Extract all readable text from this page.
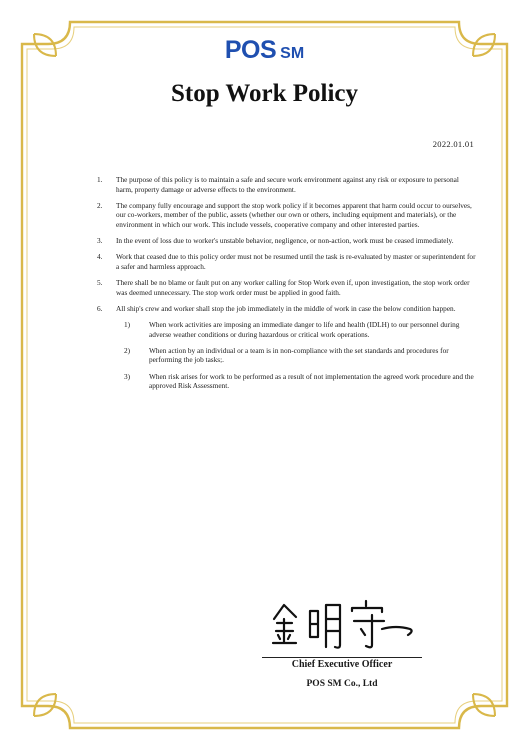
POS SM
Stop Work Policy
2022.01.01
1. The purpose of this policy is to maintain a safe and secure work environment against any risk or exposure to personal harm, property damage or adverse effects to the environment.
2. The company fully encourage and support the stop work policy if it becomes apparent that harm could occur to ourselves, our co-workers, member of the public, assets (whether our own or others, including equipment and materials), or the environment in which our work. This include vessels, cooperative company and other interested parties.
3. In the event of loss due to worker's unstable behavior, negligence, or non-action, work must be ceased immediately.
4. Work that ceased due to this policy order must not be resumed until the task is re-evaluated by master or superintendent for a safer and harmless approach.
5. There shall be no blame or fault put on any worker calling for Stop Work even if, upon investigation, the stop work order was deemed unnecessary. The stop work order must be applied in good faith.
6. All ship's crew and worker shall stop the job immediately in the middle of work in case the below condition happen.
1)	When work activities are imposing an immediate danger to life and health (IDLH) to our personnel during adverse weather conditions or during hazardous or critical work operations.
2)	When action by an individual or a team is in non-compliance with the set standards and procedures for performing the job tasks;.
3)	When risk arises for work to be performed as a result of not implementation the agreed work procedure and the approved Risk Assessment.
Chief Executive Officer
POS SM Co., Ltd
